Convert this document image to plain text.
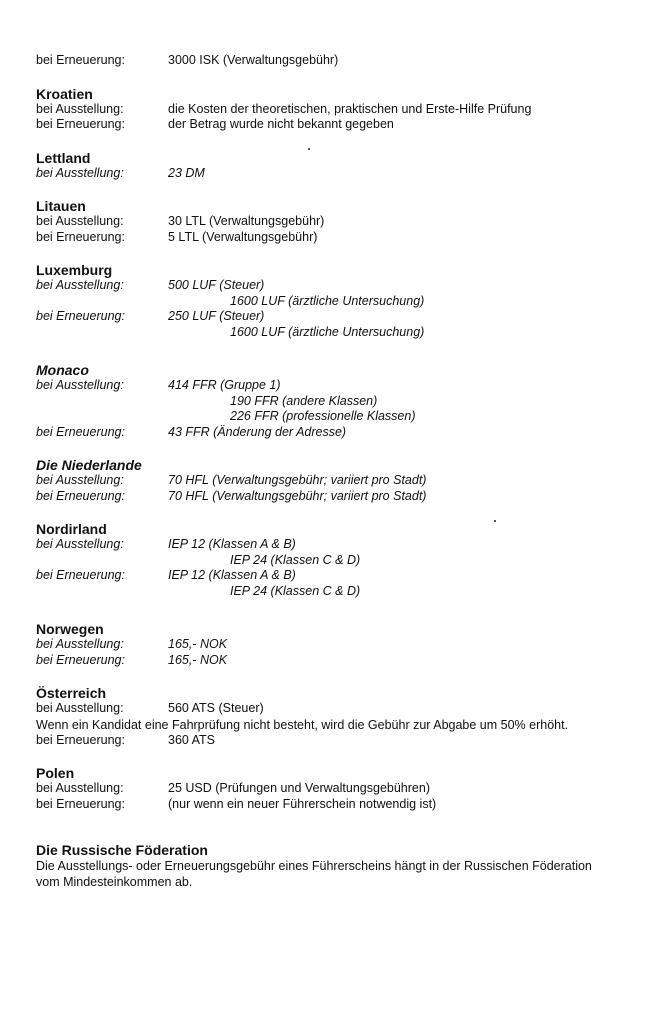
bei Erneuerung:	3000 ISK (Verwaltungsgebühr)
Kroatien
bei Ausstellung:	die Kosten der theoretischen, praktischen und Erste-Hilfe Prüfung
bei Erneuerung:	der Betrag wurde nicht bekannt gegeben
Lettland
bei Ausstellung:	23 DM
Litauen
bei Ausstellung:	30 LTL (Verwaltungsgebühr)
bei Erneuerung:	5 LTL (Verwaltungsgebühr)
Luxemburg
bei Ausstellung:	500 LUF (Steuer)
1600 LUF (ärztliche Untersuchung)
bei Erneuerung:	250 LUF (Steuer)
1600 LUF (ärztliche Untersuchung)
Monaco
bei Ausstellung:	414 FFR (Gruppe 1)
190 FFR (andere Klassen)
226 FFR (professionelle Klassen)
bei Erneuerung:	43 FFR (Änderung der Adresse)
Die Niederlande
bei Ausstellung:	70 HFL (Verwaltungsgebühr; variiert pro Stadt)
bei Erneuerung:	70 HFL (Verwaltungsgebühr; variiert pro Stadt)
Nordirland
bei Ausstellung:	IEP 12 (Klassen A & B)
IEP 24 (Klassen C & D)
bei Erneuerung:	IEP 12 (Klassen A & B)
IEP 24 (Klassen C & D)
Norwegen
bei Ausstellung:	165,- NOK
bei Erneuerung:	165,- NOK
Österreich
bei Ausstellung:	560 ATS (Steuer)
Wenn ein Kandidat eine Fahrprüfung nicht besteht, wird die Gebühr zur Abgabe um 50% erhöht.
bei Erneuerung:	360 ATS
Polen
bei Ausstellung:	25 USD (Prüfungen und Verwaltungsgebühren)
bei Erneuerung:	(nur wenn ein neuer Führerschein notwendig ist)
Die Russische Föderation
Die Ausstellungs- oder Erneuerungsgebühr eines Führerscheins hängt in der Russischen Föderation vom Mindesteinkommen ab.
